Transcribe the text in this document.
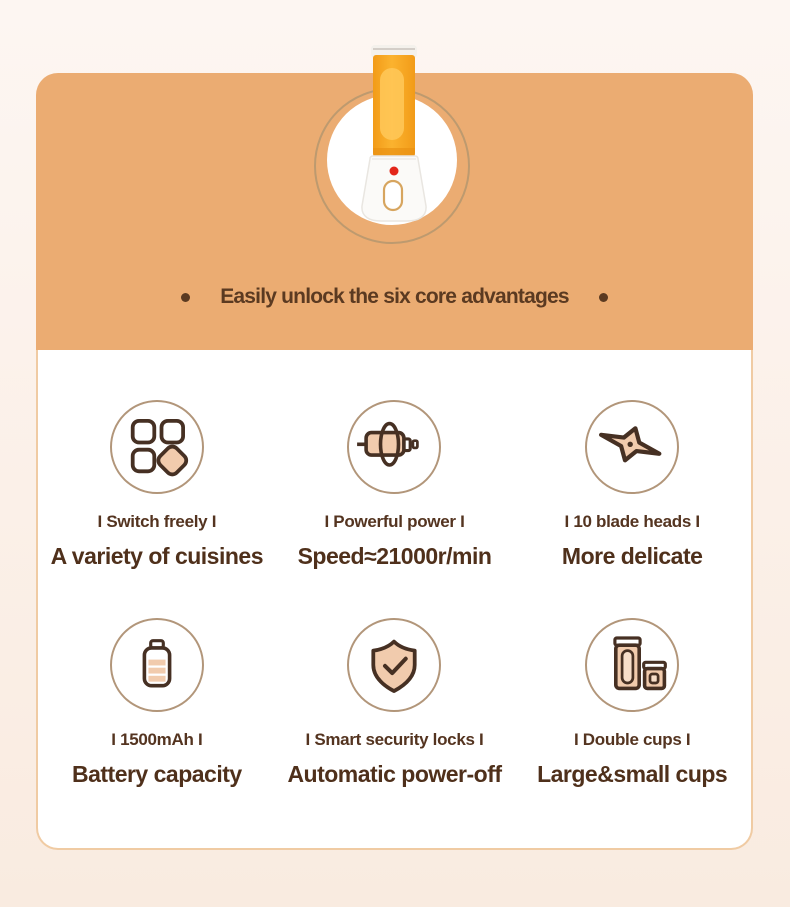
Easily unlock the six core advantages
I Switch freely I
A variety of cuisines
I Powerful power I
Speed≈21000r/min
I 10 blade heads I
More delicate
I 1500mAh I
Battery capacity
I Smart security locks I
Automatic power-off
I Double cups I
Large&small cups
